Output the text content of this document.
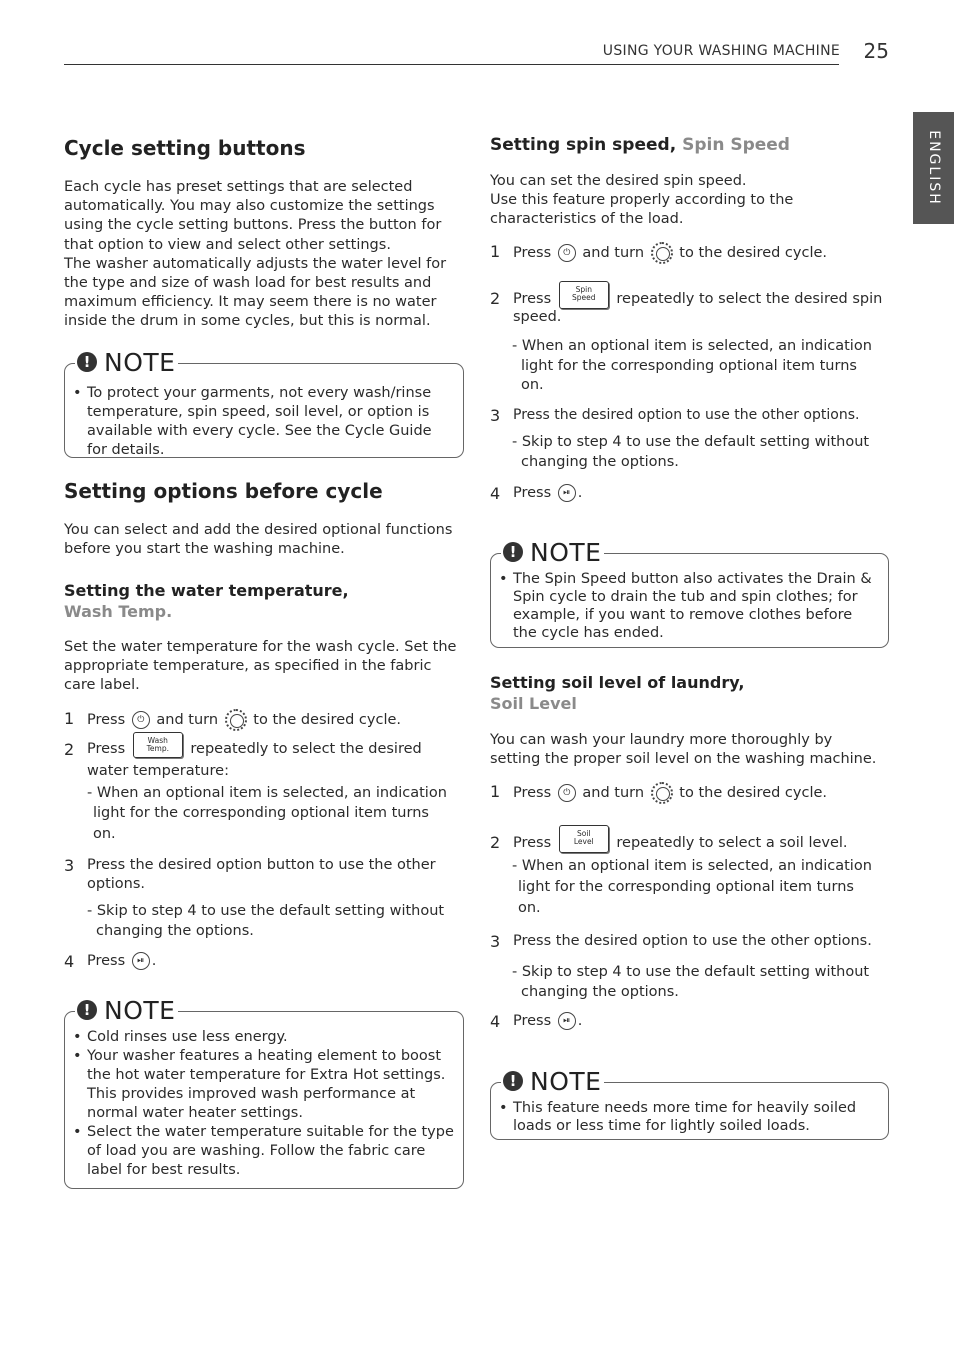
USING YOUR WASHING MACHINE 25
ENGLISH
Cycle setting buttons
Each cycle has preset settings that are selected
automatically. You may also customize the settings
using the cycle setting buttons. Press the button for
that option to view and select other settings.
The washer automatically adjusts the water level for
the type and size of wash load for best results and
maximum efficiency. It may seem there is no water
inside the drum in some cycles, but this is normal.
! NOTE
• To protect your garments, not every wash/rinse temperature, spin speed, soil level, or option is available with every cycle. See the Cycle Guide for details.
Setting options before cycle
You can select and add the desired optional functions
before you start the washing machine.
Setting the water temperature,
Wash Temp.
Set the water temperature for the wash cycle. Set the
appropriate temperature, as specified in the fabric
care label.
1 Press ⏻ and turn to the desired cycle.
2 Press Wash
Temp. repeatedly to select the desired
water temperature:
- When an optional item is selected, an indication
light for the corresponding optional item turns
on.
3 Press the desired option button to use the other
options.
- Skip to step 4 to use the default setting without
changing the options.
4 Press ⏯ .
! NOTE
• Cold rinses use less energy.
• Your washer features a heating element to boost the hot water temperature for Extra Hot settings. This provides improved wash performance at normal water heater settings.
• Select the water temperature suitable for the type of load you are washing. Follow the fabric care label for best results.
Setting spin speed, Spin Speed
You can set the desired spin speed.
Use this feature properly according to the
characteristics of the load.
1 Press ⏻ and turn to the desired cycle.
2 Press Spin
Speed repeatedly to select the desired spin
speed.
- When an optional item is selected, an indication
light for the corresponding optional item turns
on.
3 Press the desired option to use the other options.
- Skip to step 4 to use the default setting without
changing the options.
4 Press ⏯ .
! NOTE
• The Spin Speed button also activates the Drain & Spin cycle to drain the tub and spin clothes; for example, if you want to remove clothes before the cycle has ended.
Setting soil level of laundry,
Soil Level
You can wash your laundry more thoroughly by
setting the proper soil level on the washing machine.
1 Press ⏻ and turn to the desired cycle.
2 Press Soil
Level repeatedly to select a soil level.
- When an optional item is selected, an indication
light for the corresponding optional item turns
on.
3 Press the desired option to use the other options.
- Skip to step 4 to use the default setting without
changing the options.
4 Press ⏯ .
! NOTE
• This feature needs more time for heavily soiled loads or less time for lightly soiled loads.
